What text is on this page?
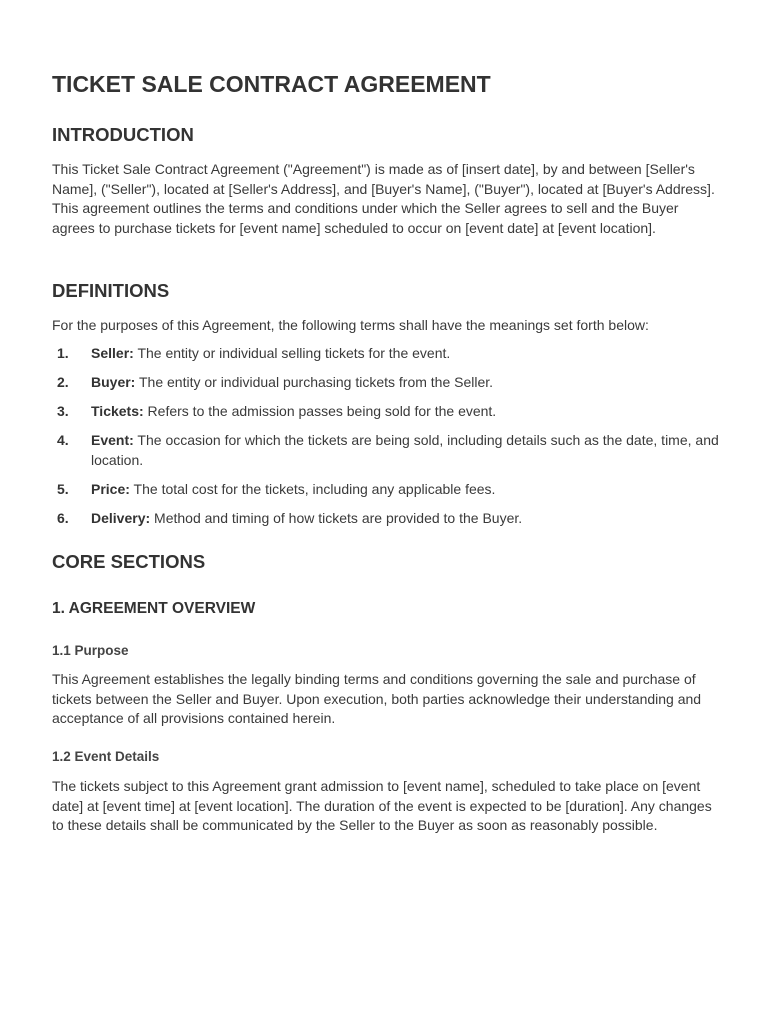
TICKET SALE CONTRACT AGREEMENT
INTRODUCTION

This Ticket Sale Contract Agreement ("Agreement") is made as of [insert date], by and between [Seller's Name], ("Seller"), located at [Seller's Address], and [Buyer's Name], ("Buyer"), located at [Buyer's Address]. This agreement outlines the terms and conditions under which the Seller agrees to sell and the Buyer agrees to purchase tickets for [event name] scheduled to occur on [event date] at [event location].

DEFINITIONS

For the purposes of this Agreement, the following terms shall have the meanings set forth below:

1. Seller: The entity or individual selling tickets for the event.
2. Buyer: The entity or individual purchasing tickets from the Seller.
3. Tickets: Refers to the admission passes being sold for the event.
4. Event: The occasion for which the tickets are being sold, including details such as the date, time, and location.
5. Price: The total cost for the tickets, including any applicable fees.
6. Delivery: Method and timing of how tickets are provided to the Buyer.
CORE SECTIONS
1. AGREEMENT OVERVIEW
1.1 Purpose

This Agreement establishes the legally binding terms and conditions governing the sale and purchase of tickets between the Seller and Buyer. Upon execution, both parties acknowledge their understanding and acceptance of all provisions contained herein.

1.2 Event Details

The tickets subject to this Agreement grant admission to [event name], scheduled to take place on [event date] at [event time] at [event location]. The duration of the event is expected to be [duration]. Any changes to these details shall be communicated by the Seller to the Buyer as soon as reasonably possible.
